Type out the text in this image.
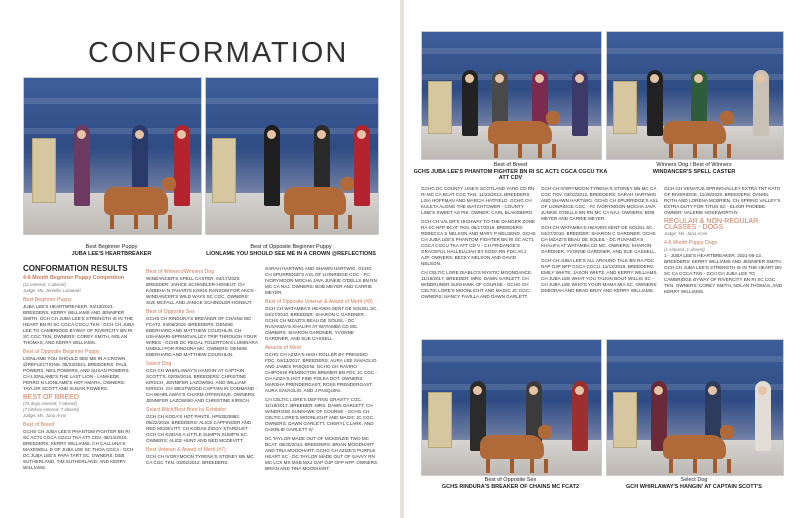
CONFORMATION
Best Beginner Puppy
JUBA LEE'S HEARTBREAKER
Best of Opposite Beginner Puppy
LIONLAME YOU SHOULD SEE ME IN A CROWN @REFLECTIONS
CONFORMATION RESULTS
4-6 Month Beginner Puppy Competition
(11 entered, 1 absent)
Judge: Ms. Jennifer Lazowski
Best Beginner Puppy

JUBA LEE'S HEARTBREAKER. 04/13/2021. BREEDERS: KERRY WILLIAMS AND JENNIFER SMITH. GCH CH JUBA LEE'S STRENGTH IS IN THE HEART BN RI SC CGCA CGCU TKN - GCH CH JUBA LEE TO CAMBRIDGE BYWAY OF RIVERCITY BN RI SC CGC TKN. OWNERS: COREY SMITH, NOLAN THOMAS, AND KERRY WILLIAMS.

Best of Opposite Beginner Puppy

LIONLAME YOU SHOULD SEE ME IN A CROWN @REFLECTIONS. 05/23/2021. BREEDERS: PAUL POWERS, NEIL POWERS, AND SUSAN POWERS. CH LIONLAME'S THE LAST LION - LAMAEDE PERRO N LIONLAME'S HOT AMARA. OWNERS: TAYLOR SCOTT AND SUSAN POWERS.

BEST OF BREED
(74 dogs entered, 7 absent)
(7 bitches entered, 7 absent)
Judge: Ms. Jana Arvin
Best of Breed

GCHS CH JUBA LEE'S PHANTOM FIGHTER BN RI SC ACT1 CGCA CGCU TKA ATT CDV. 08/14/2016. BREEDERS: KERRY WILLIAMS. CH CALLUNA'S MAXEWELL D OF JUBA LEE SC THOA CGCA - GCH DC JUBA LEE'S PAPA TART SC. OWNERS: DEB SUTHERLAND, TIM SUTHERLAND, AND KERRY WILLIAMS.

Best of Winners/Winners Dog

WINDANCER'S SPELL CASTER. 04/17/2020. BREEDER: JANICE SCHINDLER-HONEUT. CH KAIBEHA N TAHARI'S KINGS RANSOM FOR AKGS - WINDANCER'S WILD WAYS SC CGC. OWNERS: SUE MCFALL AND JANICE SCHINDLER-HONEUT.

Best of Opposite Sex

GCHS CH RINDURA'S BREAKER OF CHAINS MC FCAT2. 04/06/2016. BREEDERS: DENISE EBERHARD AND MATTHEW COUGHLIN. CH USHAMARI-SPRINGVALLEY TRIP THROUGH YOUR WIRES - GCHB DC REGAL TOLERTON'S LUMINARA UNDULI FOR RINDURA MC. OWNERS: DENISE EBERHARD AND MATTHEW COUGHLIN.

Select Dog

GCH CH WHIRLAWAY'S HANGIN' AT CAPTAIN SCOTT'S. 02/05/2016. BREEDERS: CHRISTINE KIRSCH, JENNIFER LAZOWSKI, AND WILLIAM KIRSCH. CH WESTWOOD CAPTAIN IN COMMAND - CH WHIRLAWAY'S CHARM OFFENSIVE. OWNERS: JENNIFER LAZOWSKI AND CHRISTINE KIRSCH.

Select Bitch/Best Bred by Exhibitor

GCH CH KODA'S HOT PANTS. HP53525962. 05/22/2018. BREEDERS: ALICE CAPFINGER AND NED MCDEVITT. CH KODAS ZIGGY STARDUST - GCH CH KODAS A LITTLE SUMP'N SUMP'N SC. OWNERS: ALICE HUNT AND NED MCDEVITT.

Best Veteran & Award of Merit (#7)

GCH CH IVORYMOON TYRENA'S STONEY BN MC CA CGC TKN. 03/02/2012. BREEDERS:

SARAH HARTWIG AND SHAWN HARTWIG. GCHG CH SPURRIDGE'S AXL OF LIONRIDGE CGC - FC IVORYMOON MOCHA JAVA JUNKIE O'DELLS BN RN MC CA NAJ. OWNERS: BOB MEYER AND CARRIE MEYER.

Best of Opposite Veteran & Award of Merit (#8)

GCH CH WATAMBA'S HEAVEN SENT DE SOLEIL SC. 04/27/2010. BREEDER: SHARON C GARDNER. GCHS CH MZAZI'S BEAU DE SOLEIL - DC RUVANDA'S KHALIFA AT WATAMBA CD MC. OWNERS: SHARON GARDNER, YVONNE GARDNER, AND SUE CASSELL.

Awards of Merit

GCHG CH AZIZA'S HIGH ROLLER BY PRESIDIO FDC. 04/13/2017. BREEDERS: AURA LEE SAVAGLIO AND JAMES PASQUINI. GCHG CH RAVIRO CHIPOSHI REMINGTON BREMER BN FDC JC CGC - CH AZIZA'S HOT FINE POLKA DOT. OWNERS: MARSHA PRENDERGAST, ROSS PRENDERGAST, AURA SAVAGLIO, AND J PASQUINI.

CH CELTIC LORE'S DEFYING GRAVITY CGC. 11/19/2017. BREEDER: MRS. DAWN GARLETT. CH WINDROSE SUNHAWK OF COURSE - GCHG CH CELTIC LORE'S MOONLIGHT AND MAGIC JC CGC. OWNERS: DAWN GARLETT, CHERYL CLARK, AND CHARLIE GARLETT IV.

DC TAYLOR MADE OUT OF MCKENZIE TWO MC BCAT. 08/20/2014. BREEDERS: BRIAN MOODHART AND TINA MOODHART. GCHG CH AZIZE'S PURPLE HEART SC - DC TAYLOR MADE OUT OF SAVVY RN MC LCX MX MXB MXJ OAP OJP OFP NFP. OWNERS: BRIAN AND TINA MOODHART.

Best of Breed
GCHS JUBA LEE'S PHANTOM FIGHTER BN RI SC ACT1 CGCA CGCU TKA ATT CDV
Winners Dog / Best of Winners
WINDANCER'S SPELL CASTER
Best of Opposite Sex
GCHS RINDURA'S BREAKER OF CHAINS MC FCAT2
Select Dog
GCH WHIRLAWAY'S HANGIN' AT CAPTAIN SCOTT'S

GCHG DC COUNTY LINE'S SCOTLAND YARD CD RN RI MC CA BCAT CGC TKN. 11/23/2013. BREEDERS: LISA HOFFMAN AND MARCIA HATFIELD. GCHG CH KULETA ALONG THE WATCHTOWER - COUNTY LINE'S SWEET AS PIE. OWNER: CARL BLAKEBERG.

GCH CH VALOR'S HIGHWAY TO THE DANGER ZONE RA SC NFP BCAT TKN. 06/17/2019. BREEDERS: REBECCA S NELSON AND MARY P NELSEND. GCHS CH JUBA LEE'S PHANTOM FIGHTER BN RI SC ACT1 CGCA CGCU TKA ATT CD V - CH FRIDANGE'S GRACEFUL HALLELUJAH BY KODA RN FDC ACJ AJP. OWNERS: BECKY NELSON AND DAVID NELSON.

CH CELTIC LORE DIABLO'S MYSTIC MOONDANCE. 11/19/2017. BREEDER: MRS. DAWN GARLETT. CH WINDRUNER SUNHAWK OF COURSE - GCHG CH CELTIC LORE'S MOONLIGHT AND MAGIC JC CGC. OWNERS: NANCY FAVILLA AND DAWN GARLETT.

GCH CH IVORYMOON TYRENA'S STONEY BN MC CA CGC TKN. 03/02/2012. BREEDERS: SARAH HARTWIG AND SHAWN HARTWIG. GCHG CH SPURRIDGE'S AXL OF LIONRIDGE CGC - FC IVORYMOON MOCHA JAVA JUNKIE O'DELLS BN RN MC CA NAJ. OWNERS: BOB MEYER AND CARRIE MEYER.

GCH CH WATAMBA'S HEAVEN SENT DE SOLEIL SC. 04/27/2010. BREEDER: SHARON C GARDNER. GCHS CH MZAZI'S BEAU DE SOLEIL - DC RUVANDA'S KHALIFA AT WATAMBA CD MC. OWNERS: SHARON GARDNER, YVONNE GARDNER, AND SUE CASSELL.

GCH CH JUBA LEE'S ALL AROUND TALK BN RA FDC NAP OJP NFP CGCA CGCU. 11/12/2019. BREEDERS: EMILY WHITE, JASON WHITE, AND KERRY WILLIAMS. CH JUBA LEE WHAT YOU TALKIN BOUT WILLIS SC - CH JUBA LEE WHO'S YOUR MAMA MIA SC. OWNERS: DEBORAH AND BRAD BRAY AND KERRY WILLIAMS.

GCH CH VENATUS SPRINGVALLEY EXTRA TNT KATO OF RIVERIDGE. 11/28/2020. BREEDERS: DANIEL ROTH AND LORENA MCBRIEN. CH SPRING VALLEY'S EXTRA DUTY FOR TITUS SC - ELIXIR PHOEBE. OWNER: VALERIE NOSEWORTHY.

REGULAR & NON-REGULAR CLASSES - DOGS
Judge: Ms. Jana Arvin
4-6 Month Puppy Dogs
(1 entered, 1 absent)

1 - JUBA LEE'S HEARTBREAKER. 2021-06-13. BREEDERS: KERRY WILLIAMS AND JENNIFER SMITH. GCH CH JUBA LEE'S STRENGTH IS IN THE HEART BN SC CA CGCA TKN - GCH CH JUBA LEE TO CAMBRIDGE BYWAY OF RIVERCITY BN RI SC CGC TKN. OWNERS: COREY SMITH, NOLAN THOMAS, AND KERRY WILLIAMS.
